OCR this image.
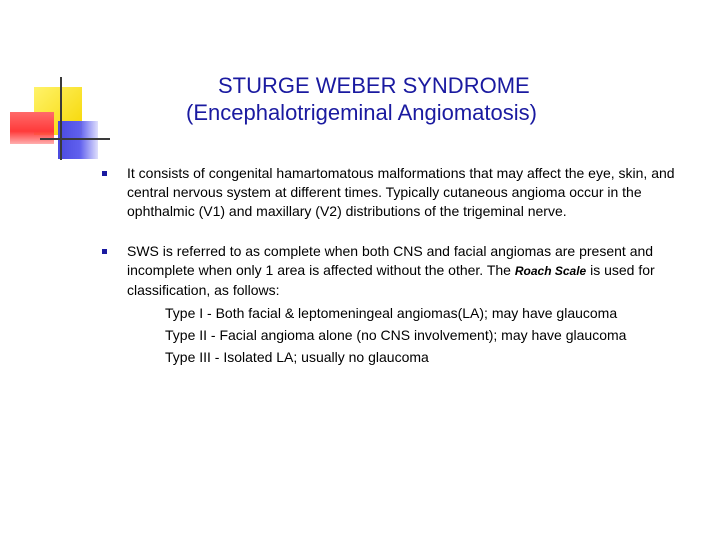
STURGE WEBER SYNDROME
(Encephalotrigeminal Angiomatosis)
It consists of congenital hamartomatous malformations that may affect the eye, skin, and central nervous system at different times. Typically cutaneous angioma occur in the ophthalmic (V1) and maxillary (V2) distributions of the trigeminal nerve.
SWS is referred to as complete when both CNS and facial angiomas are present and incomplete when only 1 area is affected without the other. The Roach Scale is used for classification, as follows:
Type I - Both facial & leptomeningeal angiomas(LA); may have glaucoma
Type II - Facial angioma alone (no CNS involvement); may have glaucoma
Type III - Isolated LA; usually no glaucoma
